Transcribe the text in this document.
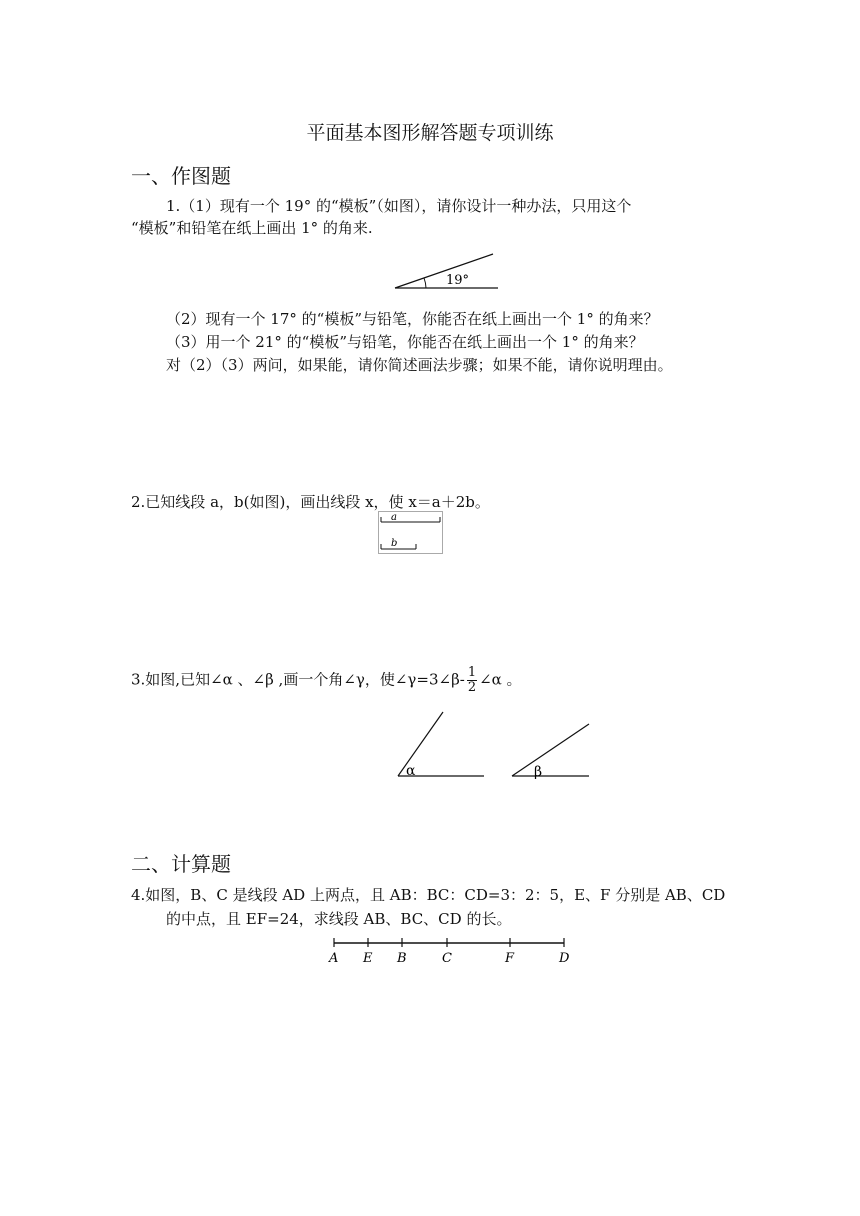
平面基本图形解答题专项训练
一、作图题
1.（1）现有一个 19° 的“模板”（如图），请你设计一种办法，只用这个
“模板”和铅笔在纸上画出 1° 的角来.
19°
（2）现有一个 17° 的“模板”与铅笔，你能否在纸上画出一个 1° 的角来？
（3）用一个 21° 的“模板”与铅笔，你能否在纸上画出一个 1° 的角来？
对（2）（3）两问，如果能，请你简述画法步骤；如果不能，请你说明理由。
2.已知线段 a，b(如图)，画出线段 x，使 x＝a＋2b。
a
b
3.如图,已知∠α 、∠β ,画一个角∠γ，使∠γ=3∠β- $\frac{1}{2}$ ∠α 。
α	β
二、计算题
4.如图，B、C 是线段 AD 上两点，且 AB：BC：CD=3：2：5，E、F 分别是 AB、CD
的中点，且 EF=24，求线段 AB、BC、CD 的长。
A E B	C	F	D
